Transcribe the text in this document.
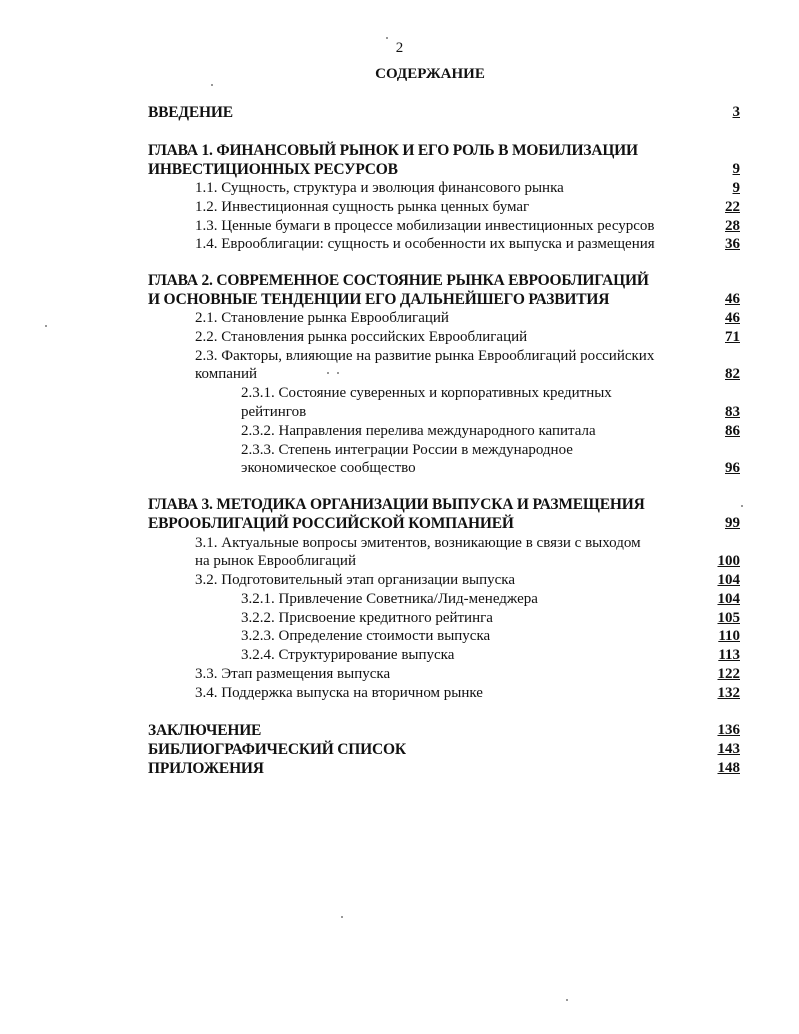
2
СОДЕРЖАНИЕ
ВВЕДЕНИЕ	3
ГЛАВА 1. ФИНАНСОВЫЙ РЫНОК И ЕГО РОЛЬ В МОБИЛИЗАЦИИ
ИНВЕСТИЦИОННЫХ РЕСУРСОВ	9
1.1. Сущность, структура и эволюция финансового рынка	9
1.2. Инвестиционная сущность рынка ценных бумаг	22
1.3. Ценные бумаги в процессе мобилизации инвестиционных ресурсов	28
1.4. Еврооблигации: сущность и особенности их выпуска и размещения	36
ГЛАВА 2. СОВРЕМЕННОЕ СОСТОЯНИЕ РЫНКА ЕВРООБЛИГАЦИЙ
И ОСНОВНЫЕ ТЕНДЕНЦИИ ЕГО ДАЛЬНЕЙШЕГО РАЗВИТИЯ	46
2.1. Становление рынка Еврооблигаций	46
2.2. Становления рынка российских Еврооблигаций	71
2.3. Факторы, влияющие на развитие рынка Еврооблигаций российских
компаний	82
2.3.1. Состояние суверенных и корпоративных кредитных
рейтингов	83
2.3.2. Направления перелива международного капитала	86
2.3.3. Степень интеграции России в международное
экономическое сообщество	96
ГЛАВА 3. МЕТОДИКА ОРГАНИЗАЦИИ ВЫПУСКА И РАЗМЕЩЕНИЯ
ЕВРООБЛИГАЦИЙ РОССИЙСКОЙ КОМПАНИЕЙ	99
3.1. Актуальные вопросы эмитентов, возникающие в связи с выходом
на рынок Еврооблигаций	100
3.2. Подготовительный этап организации выпуска	104
3.2.1. Привлечение Советника/Лид-менеджера	104
3.2.2. Присвоение кредитного рейтинга	105
3.2.3. Определение стоимости выпуска	110
3.2.4. Структурирование выпуска	113
3.3. Этап размещения выпуска	122
3.4. Поддержка выпуска на вторичном рынке	132
ЗАКЛЮЧЕНИЕ	136
БИБЛИОГРАФИЧЕСКИЙ СПИСОК	143
ПРИЛОЖЕНИЯ	148
